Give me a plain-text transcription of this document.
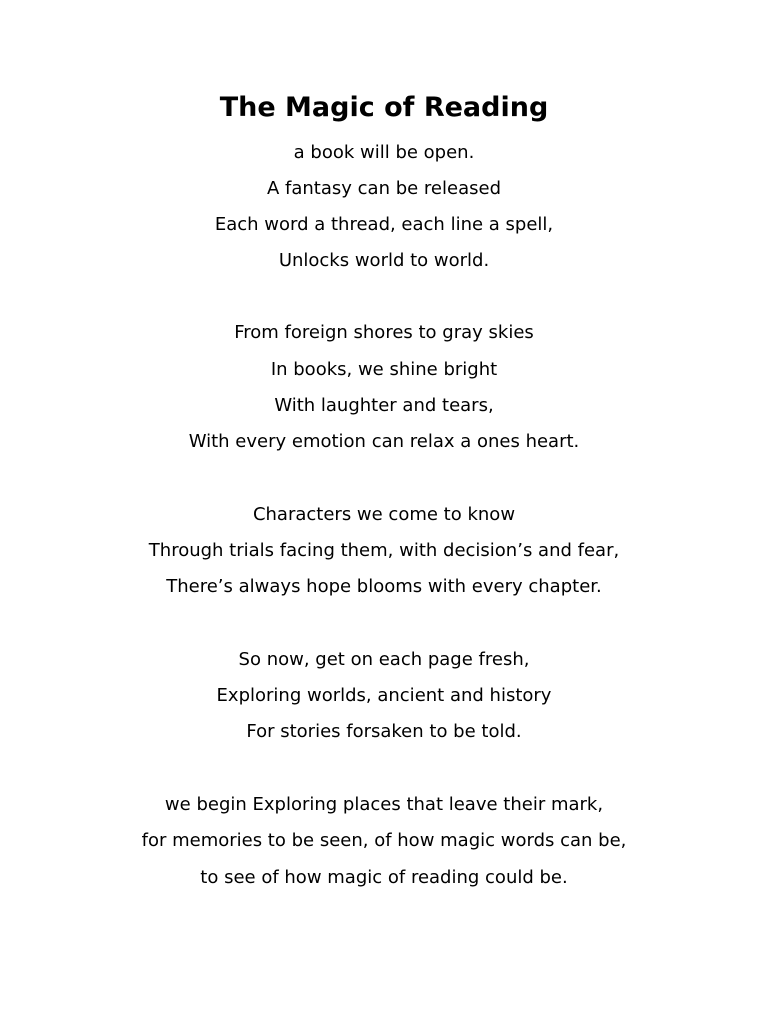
The Magic of Reading

a book will be open.

A fantasy can be released

Each word a thread, each line a spell,

Unlocks world to world.

From foreign shores to gray skies

In books, we shine bright

With laughter and tears,

With every emotion can relax a ones heart.

Characters we come to know

Through trials facing them, with decision’s and fear,

There’s always hope blooms with every chapter.

So now, get on each page fresh,

Exploring worlds, ancient and history

For stories forsaken to be told.

we begin Exploring places that leave their mark,

for memories to be seen, of how magic words can be,

to see of how magic of reading could be.
